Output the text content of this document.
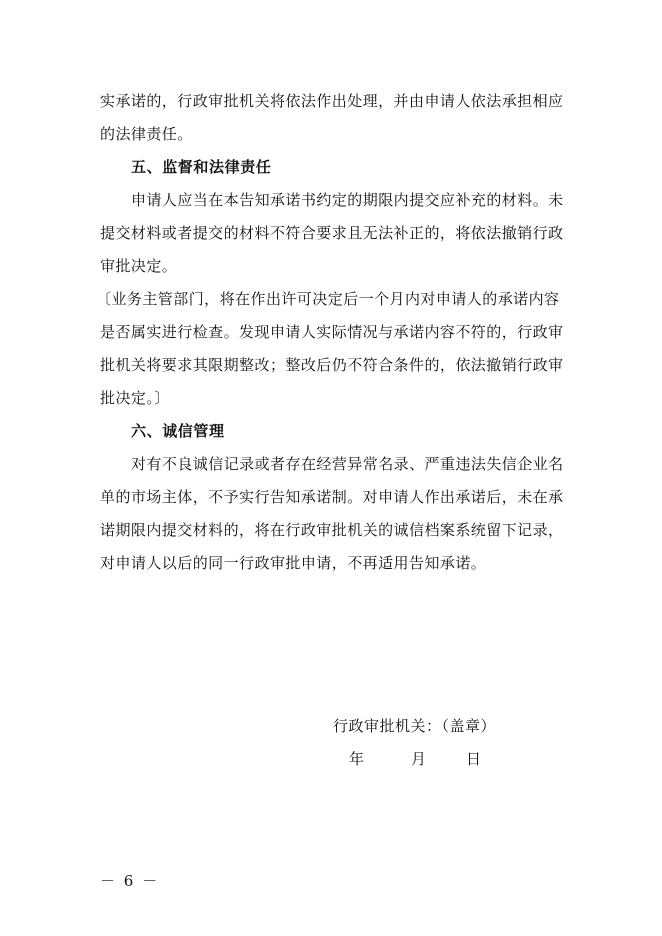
实承诺的，行政审批机关将依法作出处理，并由申请人依法承担相应
的法律责任。
五、监督和法律责任
申请人应当在本告知承诺书约定的期限内提交应补充的材料。未
提交材料或者提交的材料不符合要求且无法补正的，将依法撤销行政
审批决定。
〔业务主管部门，将在作出许可决定后一个月内对申请人的承诺内容
是否属实进行检查。发现申请人实际情况与承诺内容不符的，行政审
批机关将要求其限期整改；整改后仍不符合条件的，依法撤销行政审
批决定。〕
六、诚信管理
对有不良诚信记录或者存在经营异常名录、严重违法失信企业名
单的市场主体，不予实行告知承诺制。对申请人作出承诺后，未在承
诺期限内提交材料的，将在行政审批机关的诚信档案系统留下记录，
对申请人以后的同一行政审批申请，不再适用告知承诺。
行政审批机关：（盖章）
年	月	日
－ 6 －
